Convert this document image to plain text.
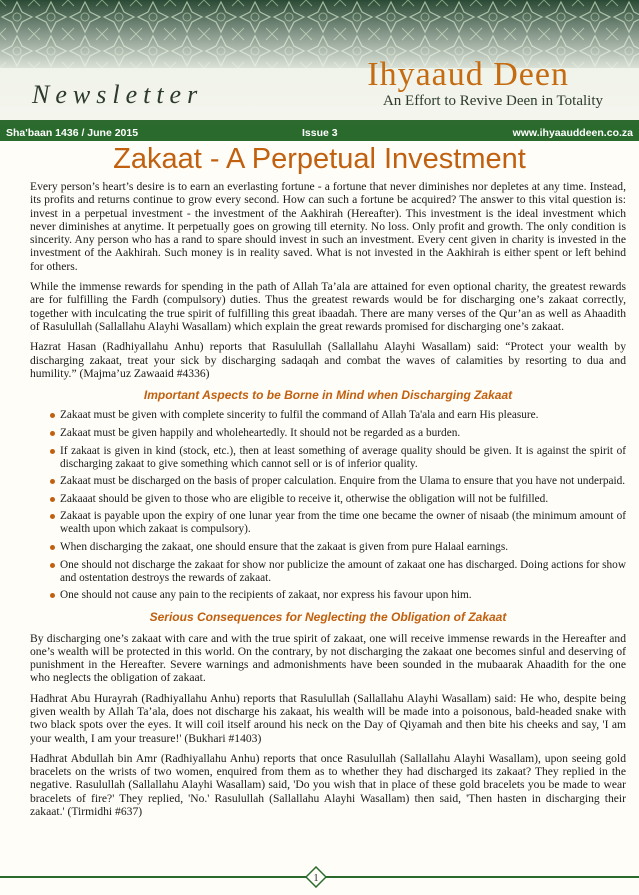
Newsletter
Ihyaaud Deen
An Effort to Revive Deen in Totality
Sha'baan 1436 / June 2015	Issue 3	www.ihyaauddeen.co.za
Zakaat - A Perpetual Investment

Every person’s heart’s desire is to earn an everlasting fortune - a fortune that never diminishes nor depletes at any time. Instead, its profits and returns continue to grow every second. How can such a fortune be acquired? The answer to this vital question is: invest in a perpetual investment - the investment of the Aakhirah (Hereafter). This investment is the ideal investment which never diminishes at anytime. It perpetually goes on growing till eternity. No loss. Only profit and growth. The only condition is sincerity. Any person who has a rand to spare should invest in such an investment. Every cent given in charity is invested in the investment of the Aakhirah. Such money is in reality saved. What is not invested in the Aakhirah is either spent or left behind for others.

While the immense rewards for spending in the path of Allah Ta’ala are attained for even optional charity, the greatest rewards are for fulfilling the Fardh (compulsory) duties. Thus the greatest rewards would be for discharging one’s zakaat correctly, together with inculcating the true spirit of fulfilling this great ibaadah. There are many verses of the Qur’an as well as Ahaadith of Rasulullah (Sallallahu Alayhi Wasallam) which explain the great rewards promised for discharging one’s zakaat.

Hazrat Hasan (Radhiyallahu Anhu) reports that Rasulullah (Sallallahu Alayhi Wasallam) said: “Protect your wealth by discharging zakaat, treat your sick by discharging sadaqah and combat the waves of calamities by resorting to dua and humility.” (Majma’uz Zawaaid #4336)

Important Aspects to be Borne in Mind when Discharging Zakaat
Zakaat must be given with complete sincerity to fulfil the command of Allah Ta'ala and earn His pleasure.
Zakaat must be given happily and wholeheartedly. It should not be regarded as a burden.
If zakaat is given in kind (stock, etc.), then at least something of average quality should be given. It is against the spirit of discharging zakaat to give something which cannot sell or is of inferior quality.
Zakaat must be discharged on the basis of proper calculation. Enquire from the Ulama to ensure that you have not underpaid.
Zakaaat should be given to those who are eligible to receive it, otherwise the obligation will not be fulfilled.
Zakaat is payable upon the expiry of one lunar year from the time one became the owner of nisaab (the minimum amount of wealth upon which zakaat is compulsory).
When discharging the zakaat, one should ensure that the zakaat is given from pure Halaal earnings.
One should not discharge the zakaat for show nor publicize the amount of zakaat one has discharged. Doing actions for show and ostentation destroys the rewards of zakaat.
One should not cause any pain to the recipients of zakaat, nor express his favour upon him.
Serious Consequences for Neglecting the Obligation of Zakaat

By discharging one’s zakaat with care and with the true spirit of zakaat, one will receive immense rewards in the Hereafter and one’s wealth will be protected in this world. On the contrary, by not discharging the zakaat one becomes sinful and deserving of punishment in the Hereafter. Severe warnings and admonishments have been sounded in the mubaarak Ahaadith for the one who neglects the obligation of zakaat.

Hadhrat Abu Hurayrah (Radhiyallahu Anhu) reports that Rasulullah (Sallallahu Alayhi Wasallam) said: He who, despite being given wealth by Allah Ta’ala, does not discharge his zakaat, his wealth will be made into a poisonous, bald-headed snake with two black spots over the eyes. It will coil itself around his neck on the Day of Qiyamah and then bite his cheeks and say, 'I am your wealth, I am your treasure!' (Bukhari #1403)

Hadhrat Abdullah bin Amr (Radhiyallahu Anhu) reports that once Rasulullah (Sallallahu Alayhi Wasallam), upon seeing gold bracelets on the wrists of two women, enquired from them as to whether they had discharged its zakaat? They replied in the negative. Rasulullah (Sallallahu Alayhi Wasallam) said, 'Do you wish that in place of these gold bracelets you be made to wear bracelets of fire?' They replied, 'No.' Rasulullah (Sallallahu Alayhi Wasallam) then said, 'Then hasten in discharging their zakaat.' (Tirmidhi #637)

1
